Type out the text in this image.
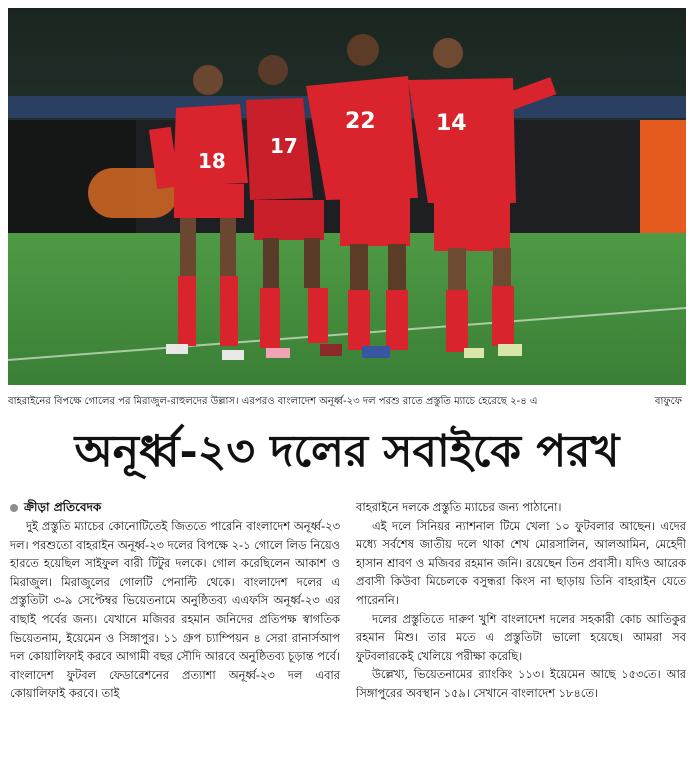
18
17
22	14
বাহরাইনের বিপক্ষে গোলের পর মিরাজুল-রাহুলদের উল্লাস। এরপরও বাংলাদেশ অনূর্ধ্ব-২৩ দল পরশু রাতে প্রস্তুতি ম্যাচে হেরেছে ২-৪ এ	বাফুফে
অনূর্ধ্ব-২৩ দলের সবাইকে পরখ
ক্রীড়া প্রতিবেদক

দুই প্রস্তুতি ম্যাচের কোনোটিতেই জিততে পারেনি বাংলাদেশ অনূর্ধ্ব-২৩ দল। পরশুতো বাহরাইন অনূর্ধ্ব-২৩ দলের বিপক্ষে ২-১ গোলে লিড নিয়েও হারতে হয়েছিল সাইফুল বারী টিটুর দলকে। গোল করেছিলেন আকাশ ও মিরাজুল। মিরাজুলের গোলটি পেনাল্টি থেকে। বাংলাদেশ দলের এ প্রস্তুতিটা ৩-৯ সেপ্টেম্বর ভিয়েতনামে অনুষ্ঠিতব্য এএফসি অনূর্ধ্ব-২৩ এর বাছাই পর্বের জন্য। যেখানে মজিবর রহমান জনিদের প্রতিপক্ষ স্বাগতিক ভিয়েতনাম, ইয়েমেন ও সিঙ্গাপুর। ১১ গ্রুপ চ্যাম্পিয়ন ৪ সেরা রানার্সআপ দল কোয়ালিফাই করবে আগামী বছর সৌদি আরবে অনুষ্ঠিতব্য চূড়ান্ত পর্বে। বাংলাদেশ ফুটবল ফেডারেশনের প্রত্যাশা অনূর্ধ্ব-২৩ দল এবার কোয়ালিফাই করবে। তাই

বাহরাইনে দলকে প্রস্তুতি ম্যাচের জন্য পাঠানো।

এই দলে সিনিয়র ন্যাশনাল টিমে খেলা ১০ ফুটবলার আছেন। এদের মধ্যে সর্বশেষ জাতীয় দলে থাকা শেখ মোরসালিন, আলআমিন, মেহেদী হাসান শ্রাবণ ও মজিবর রহমান জনি। রয়েছেন তিন প্রবাসী। যদিও আরেক প্রবাসী কিউবা মিচেলকে বসুন্ধরা কিংস না ছাড়ায় তিনি বাহরাইন যেতে পারেননি।

দলের প্রস্তুতিতে দারুণ খুশি বাংলাদেশ দলের সহকারী কোচ আতিকুর রহমান মিশু। তার মতে এ প্রস্তুতিটা ভালো হয়েছে। আমরা সব ফুটবলারকেই খেলিয়ে পরীক্ষা করেছি।

উল্লেখ্য, ভিয়েতনামের র‍্যাংকিং ১১৩। ইয়েমেন আছে ১৫৩তে। আর সিঙ্গাপুরের অবস্থান ১৫৯। সেখানে বাংলাদেশ ১৮৪তে।
